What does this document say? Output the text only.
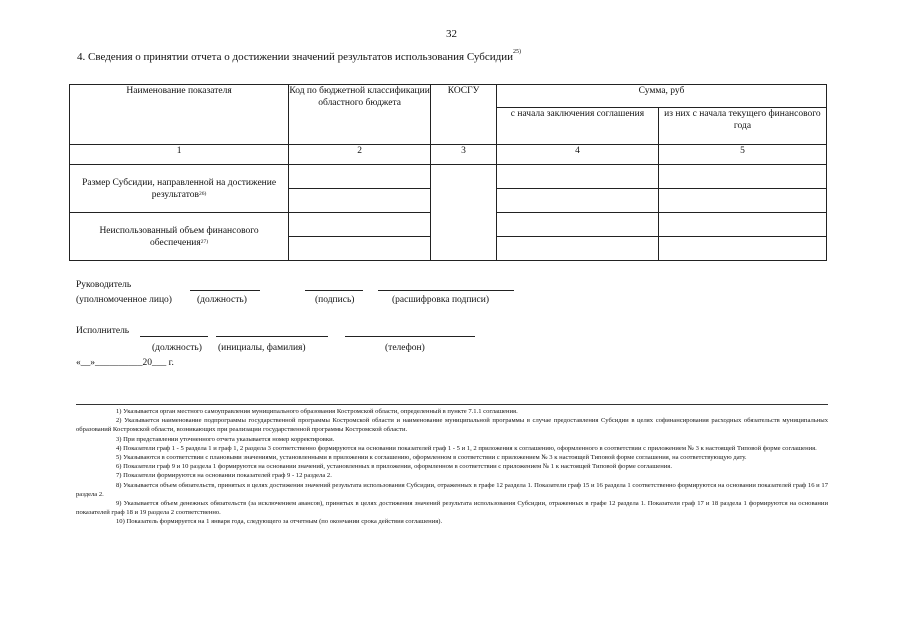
32
4. Сведения о принятии отчета о достижении значений результатов использования Субсидии$^{25)}$
Наименование показателя	Код по бюджетной классификации областного бюджета	КОСГУ	Сумма, руб	
			с начала заключения соглашения	из них с начала текущего финансового года
1	2	3	4	5
Размер Субсидии, направленной на достижение результатов$^{26)}$				

Неиспользованный объем финансового обеспечения$^{27)}$			

Руководитель
(уполномоченное лицо)	(должность)	(подпись)	(расшифровка подписи)
Исполнитель
(должность) (инициалы, фамилия)	(телефон)
«__»__________20___ г.

1) Указывается орган местного самоуправления муниципального образования Костромской области, определенный в пункте 7.1.1 соглашения.

2) Указывается наименование подпрограммы государственной программы Костромской области и наименование муниципальной программы в случае предоставления Субсидии в целях софинансирования расходных обязательств муниципальных образований Костромской области, возникающих при реализации государственной программы Костромской области.

3) При представлении уточненного отчета указывается номер корректировки.

4) Показатели граф 1 - 5 раздела 1 и граф 1, 2 раздела 3 соответственно формируются на основании показателей граф 1 - 5 и 1, 2 приложения к соглашению, оформленного в соответствии с приложением № 3 к настоящей Типовой форме соглашения.

5) Указываются в соответствии с плановыми значениями, установленными в приложении к соглашению, оформленном в соответствии с приложением № 3 к настоящей Типовой форме соглашения, на соответствующую дату.

6) Показатели граф 9 и 10 раздела 1 формируются на основании значений, установленных в приложении, оформленном в соответствии с приложением № 1 к настоящей Типовой форме соглашения.

7) Показатели формируются на основании показателей граф 9 - 12 раздела 2.

8) Указывается объем обязательств, принятых в целях достижения значений результата использования Субсидии, отраженных в графе 12 раздела 1. Показатели граф 15 и 16 раздела 1 соответственно формируются на основании показателей граф 16 и 17 раздела 2.

9) Указывается объем денежных обязательств (за исключением авансов), принятых в целях достижения значений результата использования Субсидии, отраженных в графе 12 раздела 1. Показатели граф 17 и 18 раздела 1 формируются на основании показателей граф 18 и 19 раздела 2 соответственно.

10) Показатель формируется на 1 января года, следующего за отчетным (по окончании срока действия соглашения).
